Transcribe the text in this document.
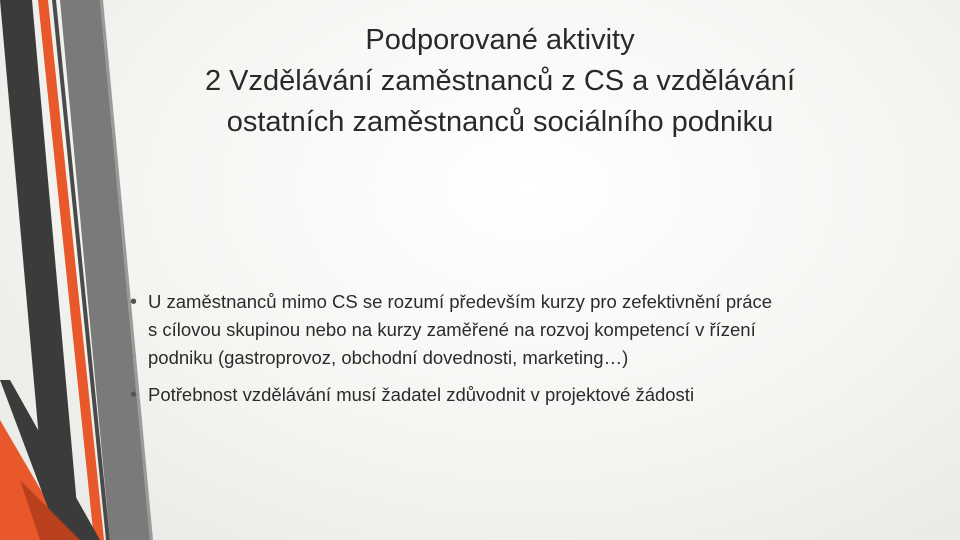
Podporované aktivity
2 Vzdělávání zaměstnanců z CS a vzdělávání
ostatních zaměstnanců sociálního podniku
• U zaměstnanců mimo CS se rozumí především kurzy pro zefektivnění práce
s cílovou skupinou nebo na kurzy zaměřené na rozvoj kompetencí v řízení
podniku (gastroprovoz, obchodní dovednosti, marketing…)
• Potřebnost vzdělávání musí žadatel zdůvodnit v projektové žádosti
